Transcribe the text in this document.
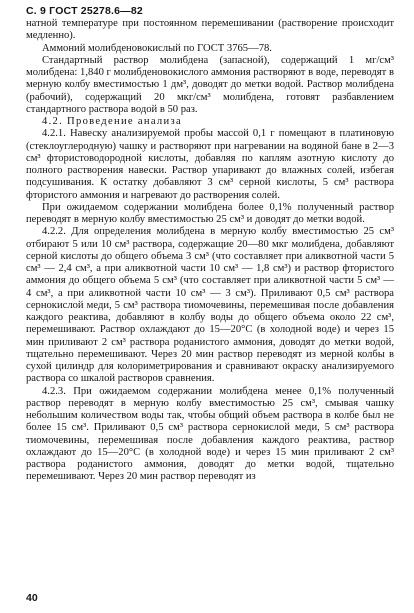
С. 9 ГОСТ 25278.6—82

натной температуре при постоянном перемешивании (растворение происходит медленно).

Аммоний молибденовокислый по ГОСТ 3765—78.

Стандартный раствор молибдена (запасной), содержащий 1 мг/см³ молибдена: 1,840 г молибденовокислого аммония растворяют в воде, переводят в мерную колбу вместимостью 1 дм³, доводят до метки водой. Раствор молибдена (рабочий), содержащий 20 мкг/см³ молибдена, готовят разбавлением стандартного раствора водой в 50 раз.

4.2. Проведение анализа

4.2.1. Навеску анализируемой пробы массой 0,1 г помещают в платиновую (стеклоуглеродную) чашку и растворяют при нагревании на водяной бане в 2—3 см³ фтористоводородной кислоты, добавляя по каплям азотную кислоту до полного растворения навески. Раствор упаривают до влажных солей, избегая подсушивания. К остатку добавляют 3 см³ серной кислоты, 5 см³ раствора фтористого аммония и нагревают до растворения солей.

При ожидаемом содержании молибдена более 0,1% полученный раствор переводят в мерную колбу вместимостью 25 см³ и доводят до метки водой.

4.2.2. Для определения молибдена в мерную колбу вместимостью 25 см³ отбирают 5 или 10 см³ раствора, содержащие 20—80 мкг молибдена, добавляют серной кислоты до общего объема 3 см³ (что составляет при аликвотной части 5 см³ — 2,4 см³, а при аликвотной части 10 см³ — 1,8 см³) и раствор фтористого аммония до общего объема 5 см³ (что составляет при аликвотной части 5 см³ — 4 см³, а при аликвотной части 10 см³ — 3 см³). Приливают 0,5 см³ раствора сернокислой меди, 5 см³ раствора тиомочевины, перемешивая после добавления каждого реактива, добавляют в колбу воды до общего объема около 22 см³, перемешивают. Раствор охлаждают до 15—20°С (в холодной воде) и через 15 мин приливают 2 см³ раствора роданистого аммония, доводят до метки водой, тщательно перемешивают. Через 20 мин раствор переводят из мерной колбы в сухой цилиндр для колориметрирования и сравнивают окраску анализируемого раствора со шкалой растворов сравнения.

4.2.3. При ожидаемом содержании молибдена менее 0,1% полученный раствор переводят в мерную колбу вместимостью 25 см³, смывая чашку небольшим количеством воды так, чтобы общий объем раствора в колбе был не более 15 см³. Приливают 0,5 см³ раствора сернокислой меди, 5 см³ раствора тиомочевины, перемешивая после добавления каждого реактива, раствор охлаждают до 15—20°С (в холодной воде) и через 15 мин приливают 2 см³ раствора роданистого аммония, доводят до метки водой, тщательно перемешивают. Через 20 мин раствор переводят из

40
